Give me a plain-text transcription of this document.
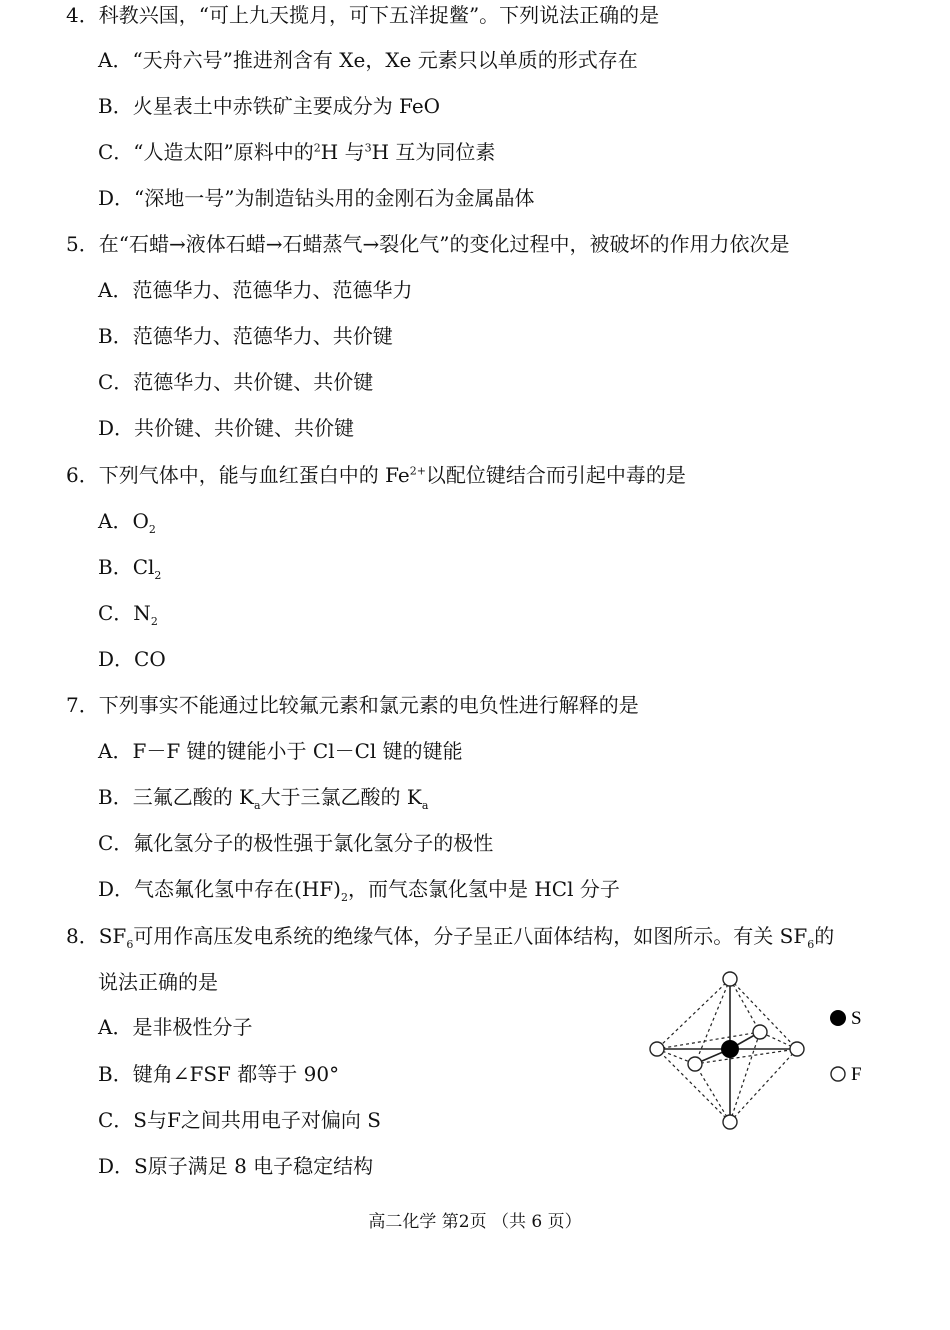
4．科教兴国，“可上九天揽月，可下五洋捉鳖”。下列说法正确的是
A．“天舟六号”推进剂含有 Xe，Xe 元素只以单质的形式存在
B．火星表土中赤铁矿主要成分为 FeO
C．“人造太阳”原料中的$^2$H 与$^3$H 互为同位素
D．“深地一号”为制造钻头用的金刚石为金属晶体
5．在“石蜡→液体石蜡→石蜡蒸气→裂化气”的变化过程中，被破坏的作用力依次是
A．范德华力、范德华力、范德华力
B．范德华力、范德华力、共价键
C．范德华力、共价键、共价键
D．共价键、共价键、共价键
6．下列气体中，能与血红蛋白中的 $Fe^{2+}$以配位键结合而引起中毒的是
A．$O_2$
B．$Cl_2$
C．$N_2$
D．CO
7．下列事实不能通过比较氟元素和氯元素的电负性进行解释的是
A．F－F 键的键能小于 Cl－Cl 键的键能
B．三氟乙酸的 $K_a$大于三氯乙酸的 $K_a$
C．氟化氢分子的极性强于氯化氢分子的极性
D．气态氟化氢中存在$(HF)_2$，而气态氯化氢中是 HCl 分子
8．$SF_6$可用作高压发电系统的绝缘气体，分子呈正八面体结构，如图所示。有关 $SF_6$的
说法正确的是
A．是非极性分子
B．键角∠FSF 都等于 90°
C．S与F之间共用电子对偏向 S
D．S原子满足 8 电子稳定结构
S
F
高二化学 第2页 （共 6 页）
